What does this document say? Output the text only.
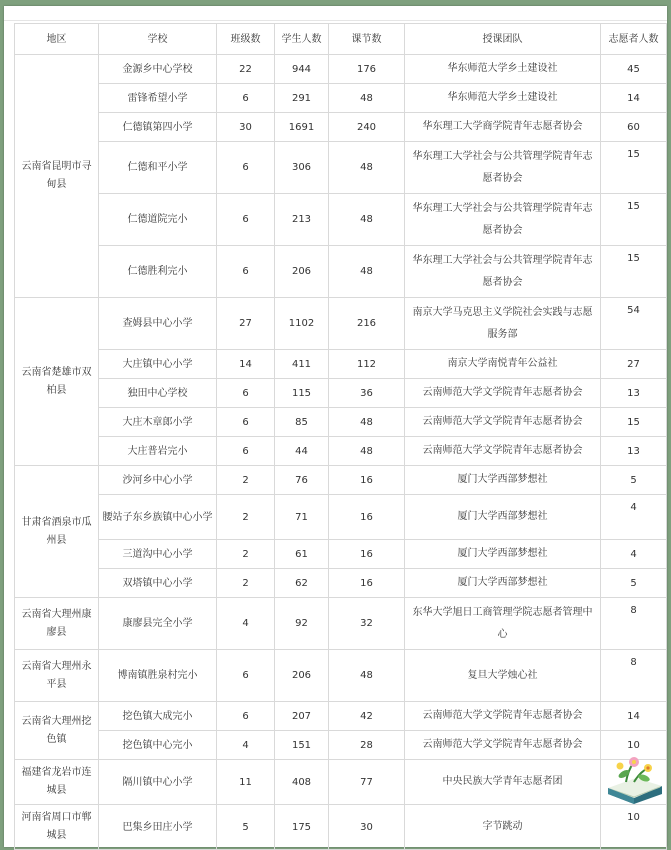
地区	学校	班级数	学生人数	课节数	授课团队	志愿者人数
云南省昆明市寻甸县	金源乡中心学校	22	944	176	华东师范大学乡土建设社	45
	雷锋希望小学	6	291	48	华东师范大学乡土建设社	14
	仁德镇第四小学	30	1691	240	华东理工大学商学院青年志愿者协会	60
	仁德和平小学	6	306	48	华东理工大学社会与公共管理学院青年志愿者协会	15
	仁德道院完小	6	213	48	华东理工大学社会与公共管理学院青年志愿者协会	15
	仁德胜利完小	6	206	48	华东理工大学社会与公共管理学院青年志愿者协会	15
云南省楚雄市双柏县	查姆县中心小学	27	1102	216	南京大学马克思主义学院社会实践与志愿服务部	54
	大庄镇中心小学	14	411	112	南京大学南悦青年公益社	27
	独田中心学校	6	115	36	云南师范大学文学院青年志愿者协会	13
	大庄木章郎小学	6	85	48	云南师范大学文学院青年志愿者协会	15
	大庄普岩完小	6	44	48	云南师范大学文学院青年志愿者协会	13
甘肃省酒泉市瓜州县	沙河乡中心小学	2	76	16	厦门大学西部梦想社	5
	腰站子东乡族镇中心小学	2	71	16	厦门大学西部梦想社	4
	三道沟中心小学	2	61	16	厦门大学西部梦想社	4
	双塔镇中心小学	2	62	16	厦门大学西部梦想社	5
云南省大理州康廖县	康廖县完全小学	4	92	32	东华大学旭日工商管理学院志愿者管理中心	8
云南省大理州永平县	博南镇胜泉村完小	6	206	48	复旦大学烛心社	8
云南省大理州挖色镇	挖色镇大成完小	6	207	42	云南师范大学文学院青年志愿者协会	14
	挖色镇中心完小	4	151	28	云南师范大学文学院青年志愿者协会	10
福建省龙岩市连城县	隔川镇中心小学	11	408	77	中央民族大学青年志愿者团	
河南省周口市郸城县	巴集乡田庄小学	5	175	30	字节跳动	10
